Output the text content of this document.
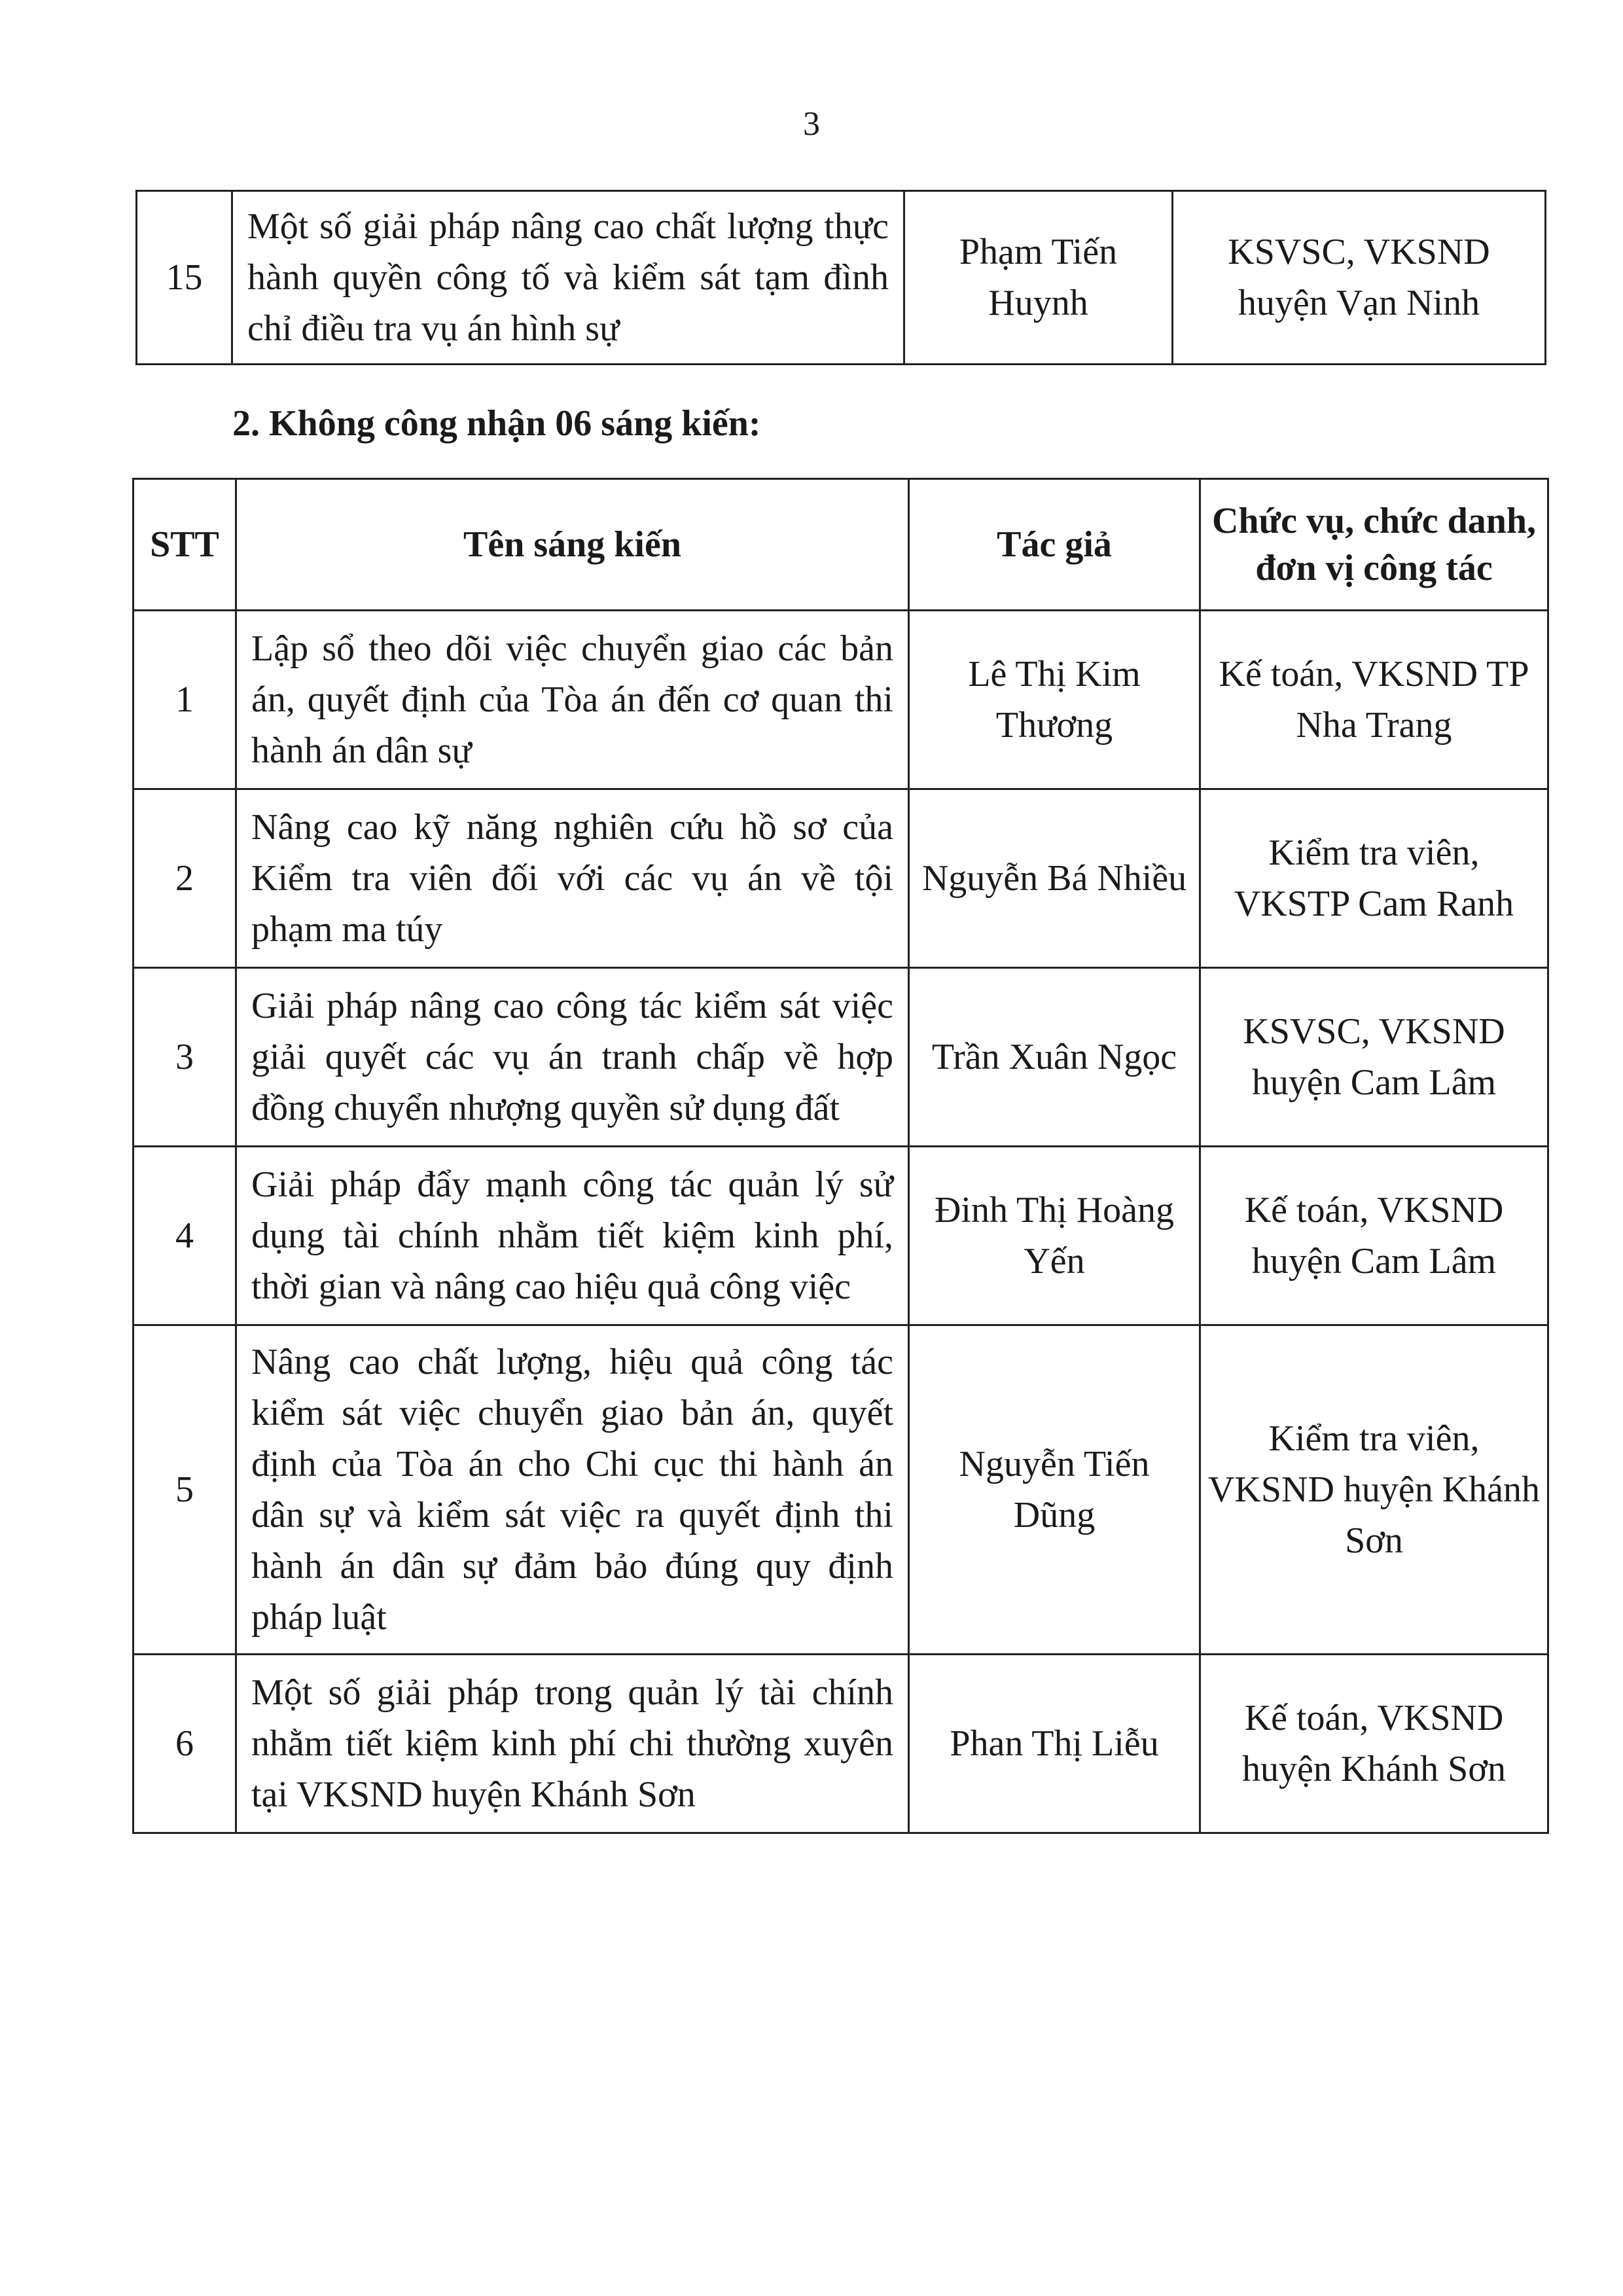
3
15	Một số giải pháp nâng cao chất lượng thực hành quyền công tố và kiểm sát tạm đình chỉ điều tra vụ án hình sự	Phạm Tiến Huynh	KSVSC, VKSND huyện Vạn Ninh
2. Không công nhận 06 sáng kiến:
STT	Tên sáng kiến	Tác giả	Chức vụ, chức danh, đơn vị công tác
1	Lập sổ theo dõi việc chuyển giao các bản án, quyết định của Tòa án đến cơ quan thi hành án dân sự	Lê Thị Kim Thương	Kế toán, VKSND TP Nha Trang
2	Nâng cao kỹ năng nghiên cứu hồ sơ của Kiểm tra viên đối với các vụ án về tội phạm ma túy	Nguyễn Bá Nhiều	Kiểm tra viên, VKSTP Cam Ranh
3	Giải pháp nâng cao công tác kiểm sát việc giải quyết các vụ án tranh chấp về hợp đồng chuyển nhượng quyền sử dụng đất	Trần Xuân Ngọc	KSVSC, VKSND huyện Cam Lâm
4	Giải pháp đẩy mạnh công tác quản lý sử dụng tài chính nhằm tiết kiệm kinh phí, thời gian và nâng cao hiệu quả công việc	Đinh Thị Hoàng Yến	Kế toán, VKSND huyện Cam Lâm
5	Nâng cao chất lượng, hiệu quả công tác kiểm sát việc chuyển giao bản án, quyết định của Tòa án cho Chi cục thi hành án dân sự và kiểm sát việc ra quyết định thi hành án dân sự đảm bảo đúng quy định pháp luật	Nguyễn Tiến Dũng	Kiểm tra viên, VKSND huyện Khánh Sơn
6	Một số giải pháp trong quản lý tài chính nhằm tiết kiệm kinh phí chi thường xuyên tại VKSND huyện Khánh Sơn	Phan Thị Liễu	Kế toán, VKSND huyện Khánh Sơn
